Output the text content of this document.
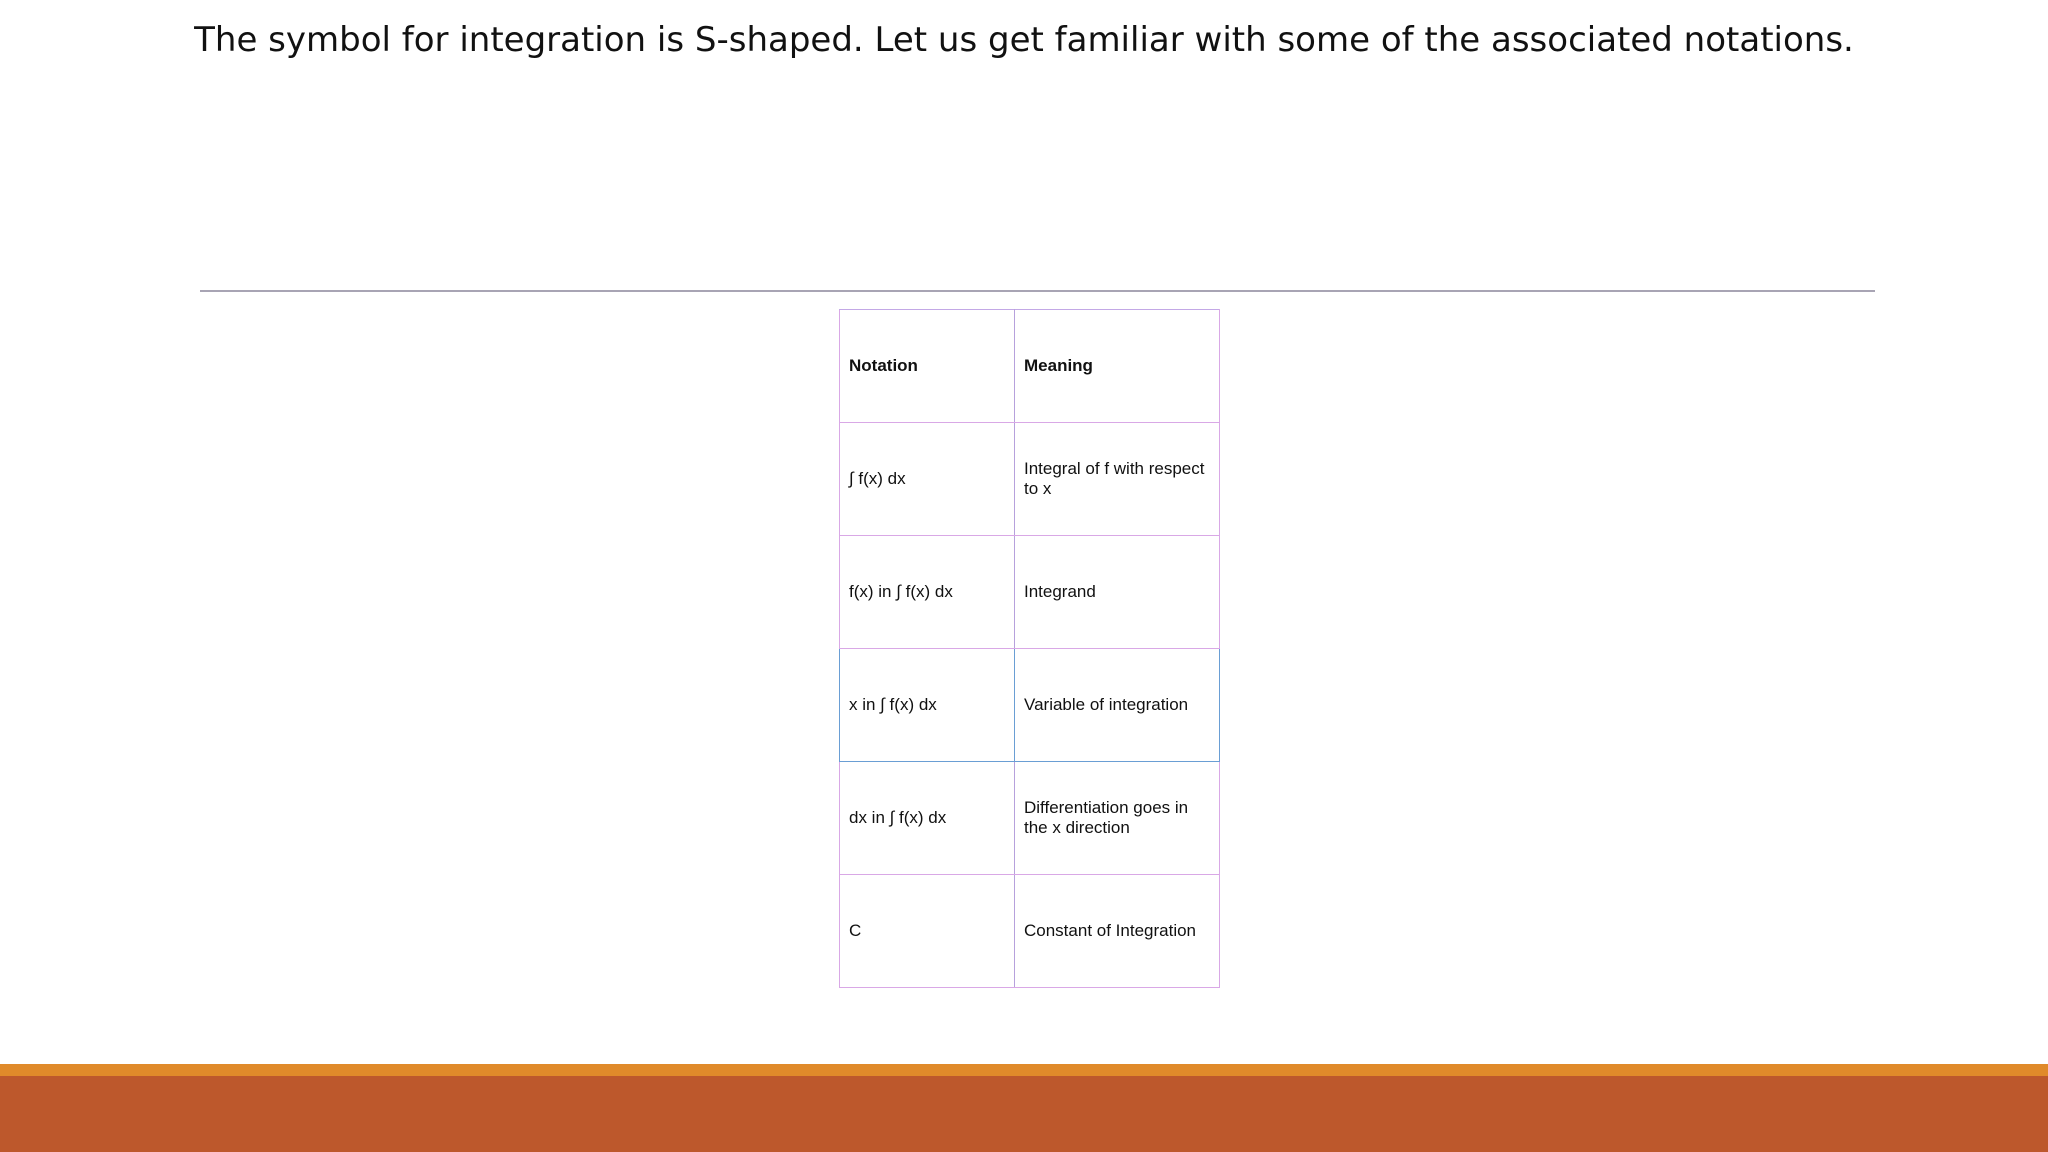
The symbol for integration is S-shaped. Let us get familiar with some of the associated notations.
Notation	Meaning
∫ f(x) dx	Integral of f with respect to x
f(x) in ∫ f(x) dx	Integrand
x in ∫ f(x) dx	Variable of integration
dx in ∫ f(x) dx	Differentiation goes in the x direction
C	Constant of Integration
